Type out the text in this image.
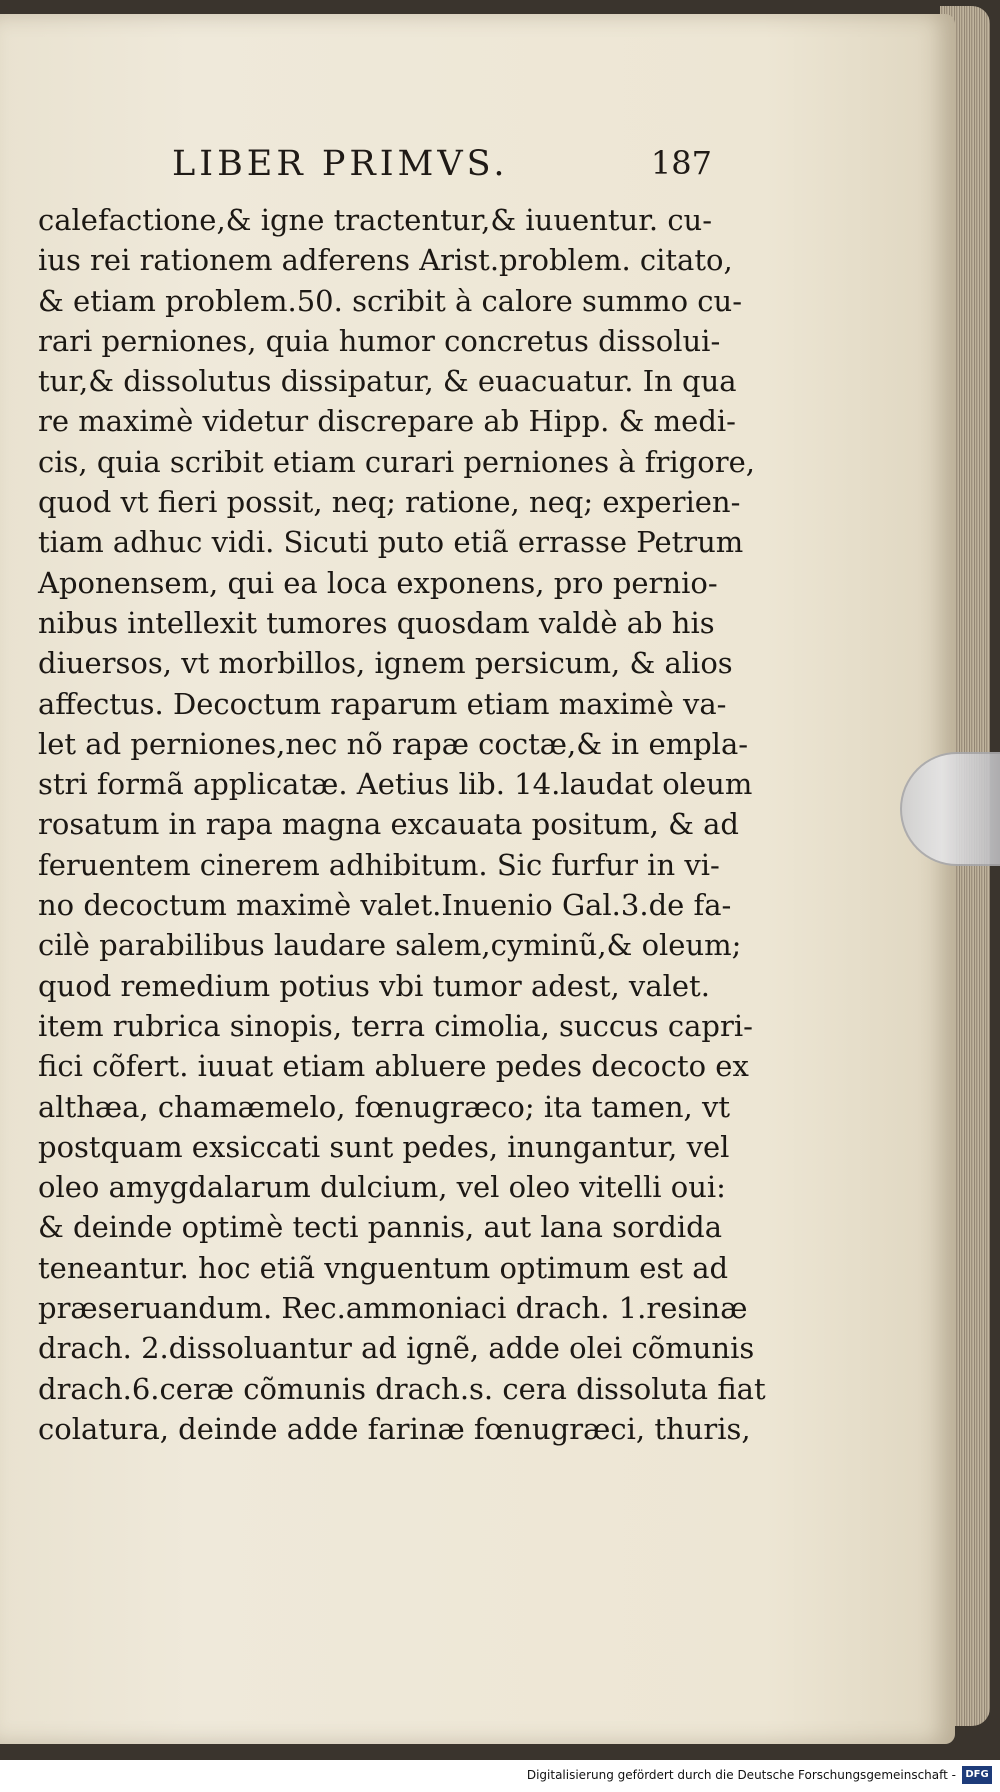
LIBER PRIMVS.	187
calefactione,& igne tractentur,& iuuentur. cu-
ius rei rationem adferens Arist.problem. citato,
& etiam problem.50. scribit à calore summo cu-
rari perniones, quia humor concretus dissolui-
tur,& dissolutus dissipatur, & euacuatur. In qua
re maximè videtur discrepare ab Hipp. & medi-
cis, quia scribit etiam curari perniones à frigore,
quod vt fieri possit, neq; ratione, neq; experien-
tiam adhuc vidi. Sicuti puto etiã errasse Petrum
Aponensem, qui ea loca exponens, pro pernio-
nibus intellexit tumores quosdam valdè ab his
diuersos, vt morbillos, ignem persicum, & alios
affectus. Decoctum raparum etiam maximè va-
let ad perniones,nec nõ rapæ coctæ,& in empla-
stri formã applicatæ. Aetius lib. 14.laudat oleum
rosatum in rapa magna excauata positum, & ad
feruentem cinerem adhibitum. Sic furfur in vi-
no decoctum maximè valet.Inuenio Gal.3.de fa-
cilè parabilibus laudare salem,cyminũ,& oleum;
quod remedium potius vbi tumor adest, valet.
item rubrica sinopis, terra cimolia, succus capri-
fici cõfert. iuuat etiam abluere pedes decocto ex
althæa, chamæmelo, fœnugræco; ita tamen, vt
postquam exsiccati sunt pedes, inungantur, vel
oleo amygdalarum dulcium, vel oleo vitelli oui:
& deinde optimè tecti pannis, aut lana sordida
teneantur. hoc etiã vnguentum optimum est ad
præseruandum. Rec.ammoniaci drach. 1.resinæ
drach. 2.dissoluantur ad ignẽ, adde olei cõmunis
drach.6.ceræ cõmunis drach.s. cera dissoluta fiat
colatura, deinde adde farinæ fœnugræci, thuris,
Digitalisierung gefördert durch die Deutsche Forschungsgemeinschaft - DFG
